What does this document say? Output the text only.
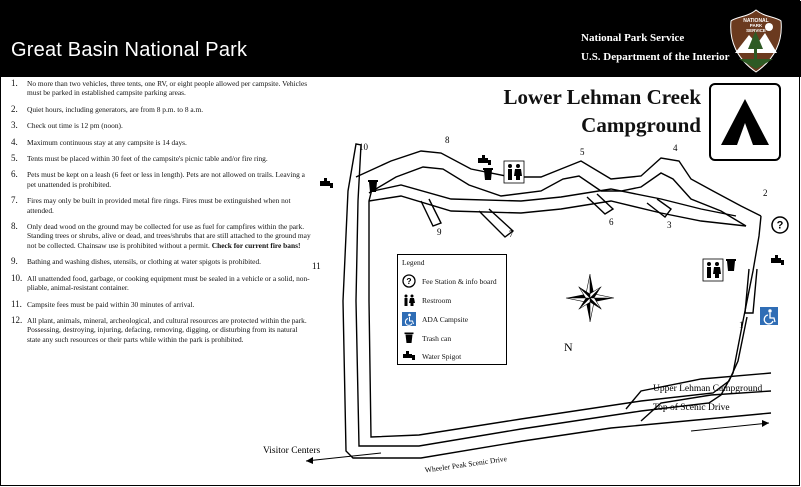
Great Basin National Park
National Park Service
U.S. Department of the Interior
NATIONAL
PARK
SERVICE
1.	No more than two vehicles, three tents, one RV, or eight people allowed per campsite. Vehicles must be parked in established campsite parking areas.
2.	Quiet hours, including generators, are from 8 p.m. to 8 a.m.
3.	Check out time is 12 pm (noon).
4.	Maximum continuous stay at any campsite is 14 days.
5.	Tents must be placed within 30 feet of the campsite's picnic table and/or fire ring.
6.	Pets must be kept on a leash (6 feet or less in length). Pets are not allowed on trails. Leaving a pet unattended is prohibited.
7.	Fires may only be built in provided metal fire rings. Fires must be extinguished when not attended.
8.	Only dead wood on the ground may be collected for use as fuel for campfires within the park. Standing trees or shrubs, alive or dead, and trees/shrubs that are still attached to the ground may not be collected. Chainsaw use is prohibited without a permit. Check for current fire bans!
9.	Bathing and washing dishes, utensils, or clothing at water spigots is prohibited.
10. All unattended food, garbage, or cooking equipment must be sealed in a vehicle or a solid, non-pliable, animal-resistant container.
11. Campsite fees must be paid within 30 minutes of arrival.
12. All plant, animals, mineral, archeological, and cultural resources are protected within the park. Possessing, destroying, injuring, defacing, removing, digging, or disturbing from its natural state any such resources or their parts while within the park is prohibited.
N
Visitor Centers
Upper Lehman Campground
Top of Scenic Drive
Wheeler Peak Scenic Drive
1
2
3
4
5
6
7
8
9
10
11
?
Lower Lehman Creek
Campground
Legend
? Fee Station & info board
Restroom
ADA Campsite
Trash can
Water Spigot
